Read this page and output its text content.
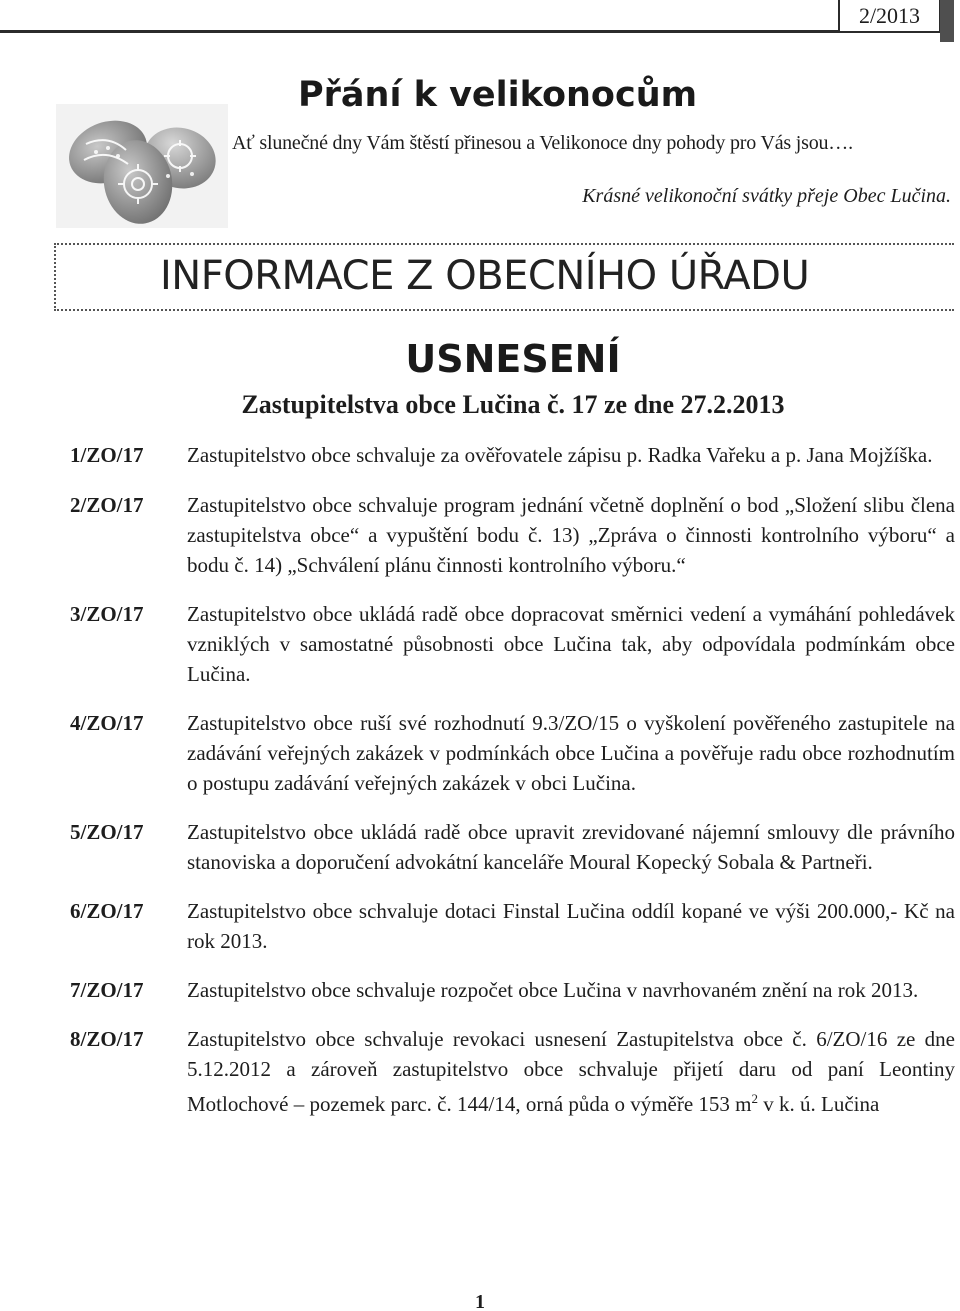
2/2013
Přání k velikonocům
Ať slunečné dny Vám štěstí přinesou a Velikonoce dny pohody pro Vás jsou….
Krásné velikonoční svátky přeje Obec Lučina.
INFORMACE Z OBECNÍHO ÚŘADU
USNESENÍ
Zastupitelstva obce Lučina č. 17 ze dne 27.2.2013
1/ZO/17	Zastupitelstvo obce schvaluje za ověřovatele zápisu p. Radka Vařeku a p. Jana Mojžíška.
2/ZO/17	Zastupitelstvo obce schvaluje program jednání včetně doplnění o bod „Složení slibu člena zastupitelstva obce“ a vypuštění bodu č. 13) „Zpráva o činnosti kontrolního výboru“ a bodu č. 14) „Schválení plánu činnosti kontrolního výboru.“
3/ZO/17	Zastupitelstvo obce ukládá radě obce dopracovat směrnici vedení a vymáhání pohledávek vzniklých v samostatné působnosti obce Lučina tak, aby odpovídala podmínkám obce Lučina.
4/ZO/17	Zastupitelstvo obce ruší své rozhodnutí 9.3/ZO/15 o vyškolení pověřeného zastupitele na zadávání veřejných zakázek v podmínkách obce Lučina a pověřuje radu obce rozhodnutím o postupu zadávání veřejných zakázek v obci Lučina.
5/ZO/17	Zastupitelstvo obce ukládá radě obce upravit zrevidované nájemní smlouvy dle právního stanoviska a doporučení advokátní kanceláře Moural Kopecký Sobala & Partneři.
6/ZO/17	Zastupitelstvo obce schvaluje dotaci Finstal Lučina oddíl kopané ve výši 200.000,- Kč na rok 2013.
7/ZO/17	Zastupitelstvo obce schvaluje rozpočet obce Lučina v navrhovaném znění na rok 2013.
8/ZO/17	Zastupitelstvo obce schvaluje revokaci usnesení Zastupitelstva obce č. 6/ZO/16 ze dne 5.12.2012 a zároveň zastupitelstvo obce schvaluje přijetí daru od paní Leontiny Motlochové – pozemek parc. č. 144/14, orná půda o výměře 153 $m^2$ v k. ú. Lučina
1
